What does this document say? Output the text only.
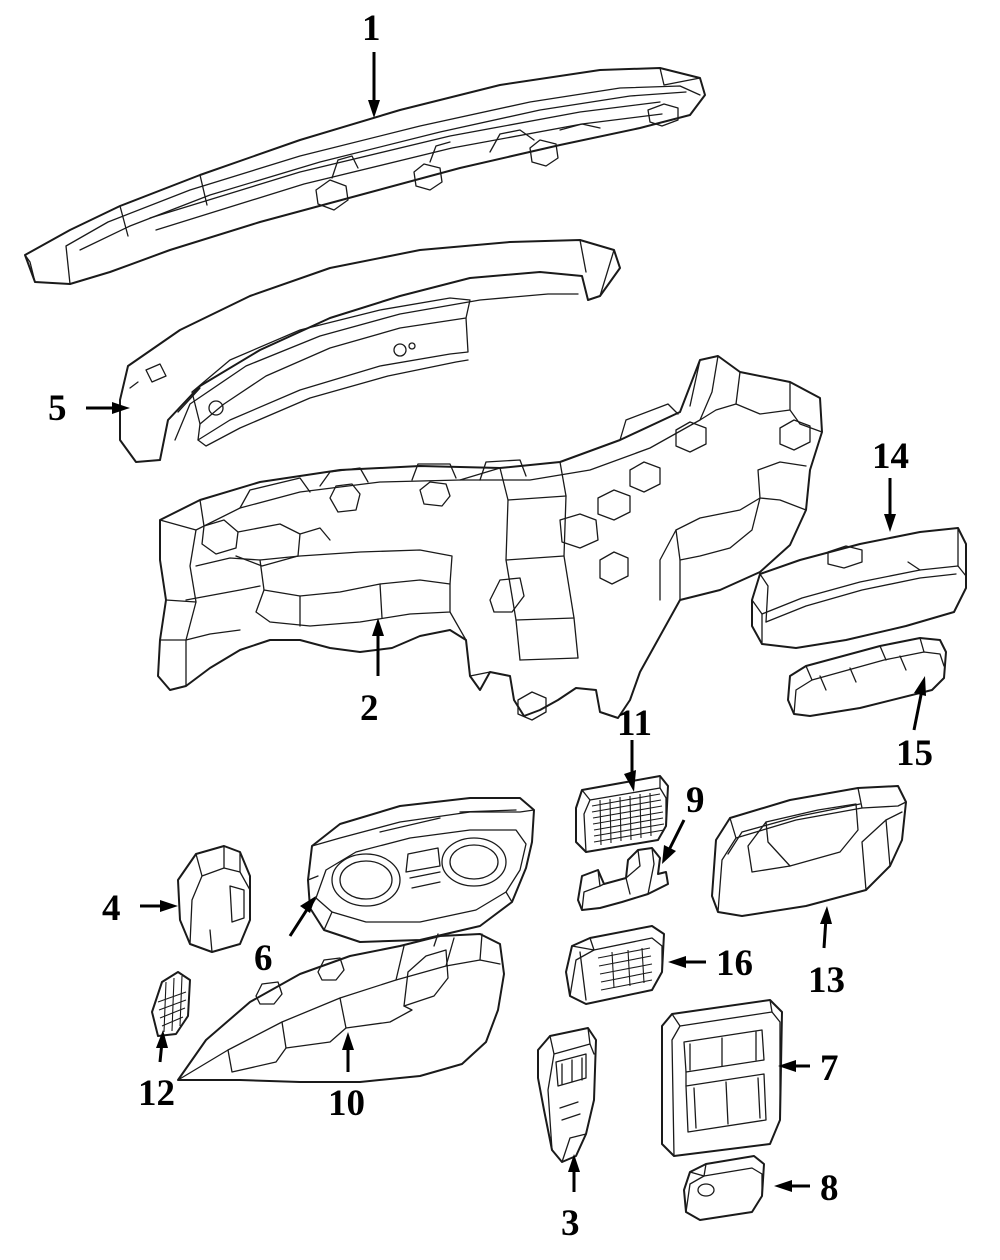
1
5
2
14
11
15
9
4
6	16 13
12	10
7
3
8
